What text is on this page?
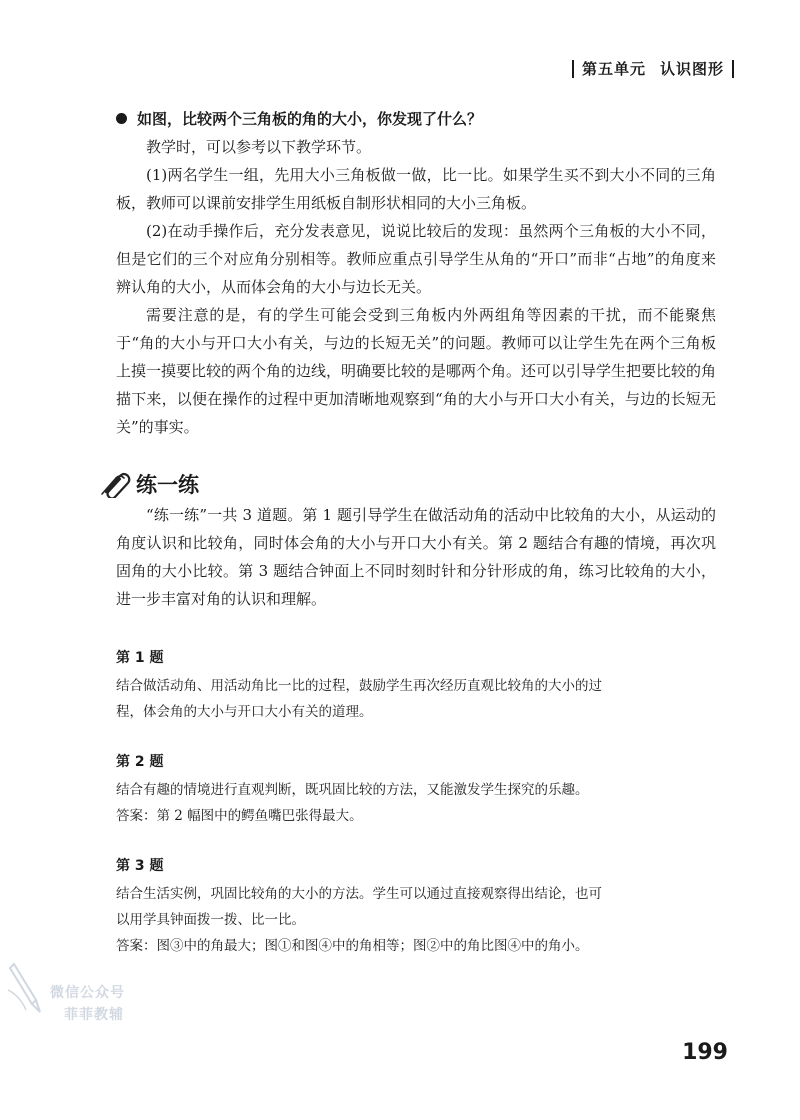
第五单元 认识图形
如图，比较两个三角板的角的大小，你发现了什么？

教学时，可以参考以下教学环节。

(1)两名学生一组，先用大小三角板做一做，比一比。如果学生买不到大小不同的三角板，教师可以课前安排学生用纸板自制形状相同的大小三角板。

(2)在动手操作后，充分发表意见，说说比较后的发现：虽然两个三角板的大小不同，但是它们的三个对应角分别相等。教师应重点引导学生从角的“开口”而非“占地”的角度来辨认角的大小，从而体会角的大小与边长无关。

需要注意的是，有的学生可能会受到三角板内外两组角等因素的干扰，而不能聚焦于“角的大小与开口大小有关，与边的长短无关”的问题。教师可以让学生先在两个三角板上摸一摸要比较的两个角的边线，明确要比较的是哪两个角。还可以引导学生把要比较的角描下来，以便在操作的过程中更加清晰地观察到“角的大小与开口大小有关，与边的长短无关”的事实。

练一练

“练一练”一共 3 道题。第 1 题引导学生在做活动角的活动中比较角的大小，从运动的角度认识和比较角，同时体会角的大小与开口大小有关。第 2 题结合有趣的情境，再次巩固角的大小比较。第 3 题结合钟面上不同时刻时针和分针形成的角，练习比较角的大小，进一步丰富对角的认识和理解。

第 1 题

结合做活动角、用活动角比一比的过程，鼓励学生再次经历直观比较角的大小的过

程，体会角的大小与开口大小有关的道理。

第 2 题

结合有趣的情境进行直观判断，既巩固比较的方法，又能激发学生探究的乐趣。

答案：第 2 幅图中的鳄鱼嘴巴张得最大。

第 3 题

结合生活实例，巩固比较角的大小的方法。学生可以通过直接观察得出结论，也可

以用学具钟面拨一拨、比一比。

答案：图③中的角最大；图①和图④中的角相等；图②中的角比图④中的角小。

微信公众号
菲菲教辅
199
